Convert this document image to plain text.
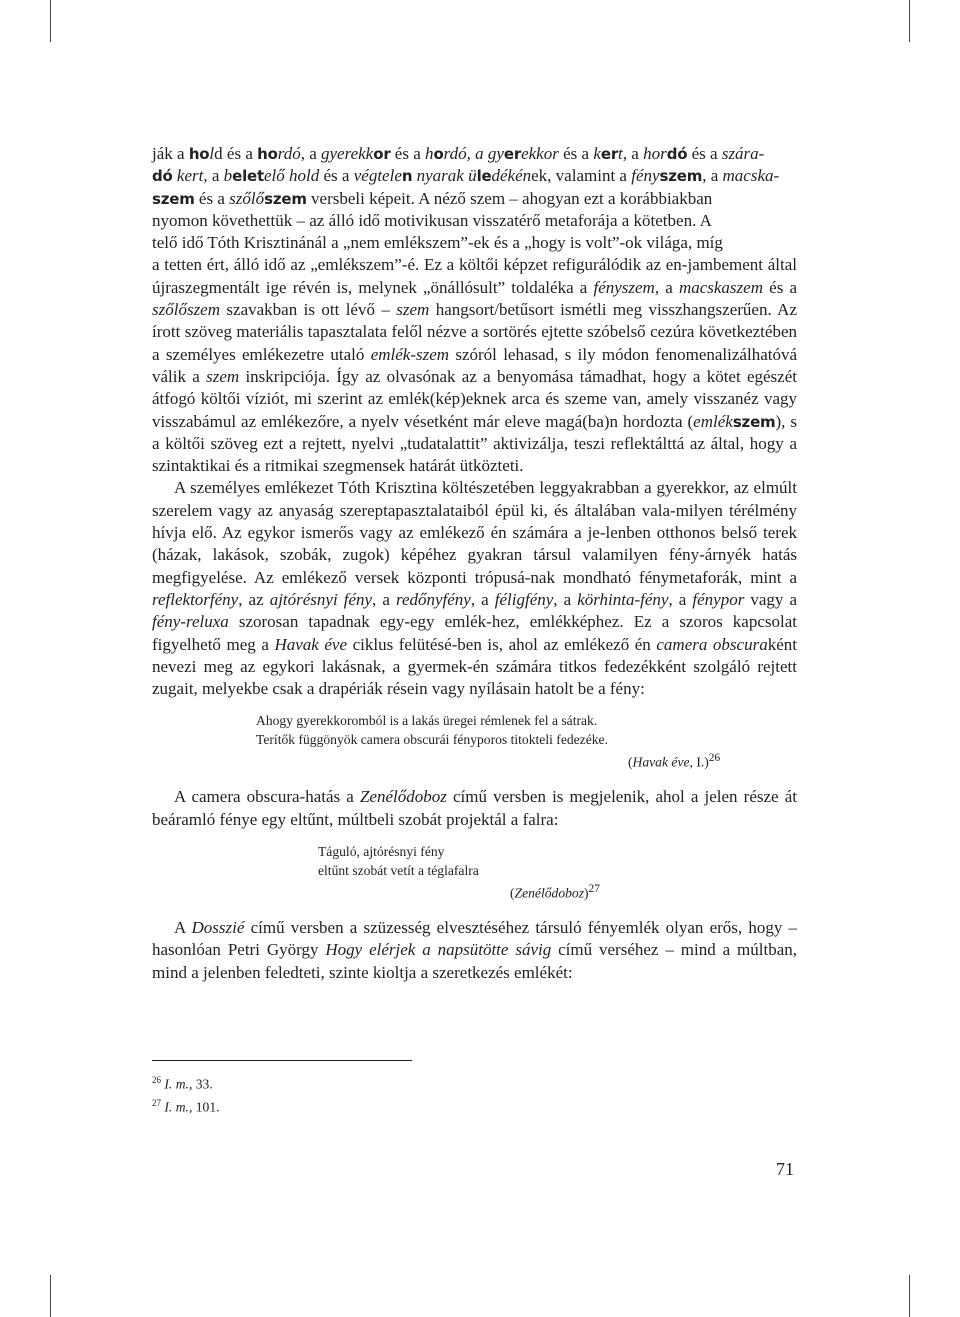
ják a hold és a hordó, a gyerekkor és a hordó, a gyerekkor és a kert, a hordó és a szára-
dó kert, a beletelő hold és a végtelen nyarak üledékének, valamint a fényszem, a macska-
szem és a szőlőszem versbeli képeit. A néző szem – ahogyan ezt a korábbiakban
nyomon követhettük – az álló idő motivikusan visszatérő metaforája a kötetben. A
telő idő Tóth Krisztinánál a „nem emlékszem”-ek és a „hogy is volt”-ok világa, míg
a tetten ért, álló idő az „emlékszem”-é. Ez a költői képzet refigurálódik az en-jambement által újraszegmentált ige révén is, melynek „önállósult” toldaléka a fényszem, a macskaszem és a szőlőszem szavakban is ott lévő – szem hangsort/betűsort ismétli meg visszhangszerűen. Az írott szöveg materiális tapasztalata felől nézve a sortörés ejtette szóbelső cezúra következtében a személyes emlékezetre utaló emlék-szem szóról lehasad, s ily módon fenomenalizálhatóvá válik a szem inskripciója. Így az olvasónak az a benyomása támadhat, hogy a kötet egészét átfogó költői víziót, mi szerint az emlék(kép)eknek arca és szeme van, amely visszanéz vagy visszabámul az emlékezőre, a nyelv vésetként már eleve magá(ba)n hordozta (emlékszem), s a költői szöveg ezt a rejtett, nyelvi „tudatalattit” aktivizálja, teszi reflektálttá az által, hogy a szintaktikai és a ritmikai szegmensek határát ütközteti.

A személyes emlékezet Tóth Krisztina költészetében leggyakrabban a gyerekkor, az elmúlt szerelem vagy az anyaság szereptapasztalataiból épül ki, és általában vala-milyen térélmény hívja elő. Az egykor ismerős vagy az emlékező én számára a je-lenben otthonos belső terek (házak, lakások, szobák, zugok) képéhez gyakran társul valamilyen fény-árnyék hatás megfigyelése. Az emlékező versek központi trópusá-nak mondható fénymetaforák, mint a reflektorfény, az ajtórésnyi fény, a redőnyfény, a féligfény, a körhinta-fény, a fénypor vagy a fény-reluxa szorosan tapadnak egy-egy emlék-hez, emlékképhez. Ez a szoros kapcsolat figyelhető meg a Havak éve ciklus felütésé-ben is, ahol az emlékező én camera obscuraként nevezi meg az egykori lakásnak, a gyermek-én számára titkos fedezékként szolgáló rejtett zugait, melyekbe csak a drapériák résein vagy nyílásain hatolt be a fény:

Ahogy gyerekkoromból is a lakás üregei rémlenek fel a sátrak.
Terítők függönyök camera obscurái fényporos titokteli fedezéke.

(Havak éve, I.)$^{26}$

A camera obscura-hatás a Zenélődoboz című versben is megjelenik, ahol a jelen része át beáramló fénye egy eltűnt, múltbeli szobát projektál a falra:

Táguló, ajtórésnyi fény
eltűnt szobát vetít a téglafalra

(Zenélődoboz)$^{27}$

A Dosszié című versben a szüzesség elvesztéséhez társuló fényemlék olyan erős, hogy – hasonlóan Petri György Hogy elérjek a napsütötte sávig című verséhez – mind a múltban, mind a jelenben feledteti, szinte kioltja a szeretkezés emlékét:

$^{26}$ I. m., 33.
$^{27}$ I. m., 101.
71
